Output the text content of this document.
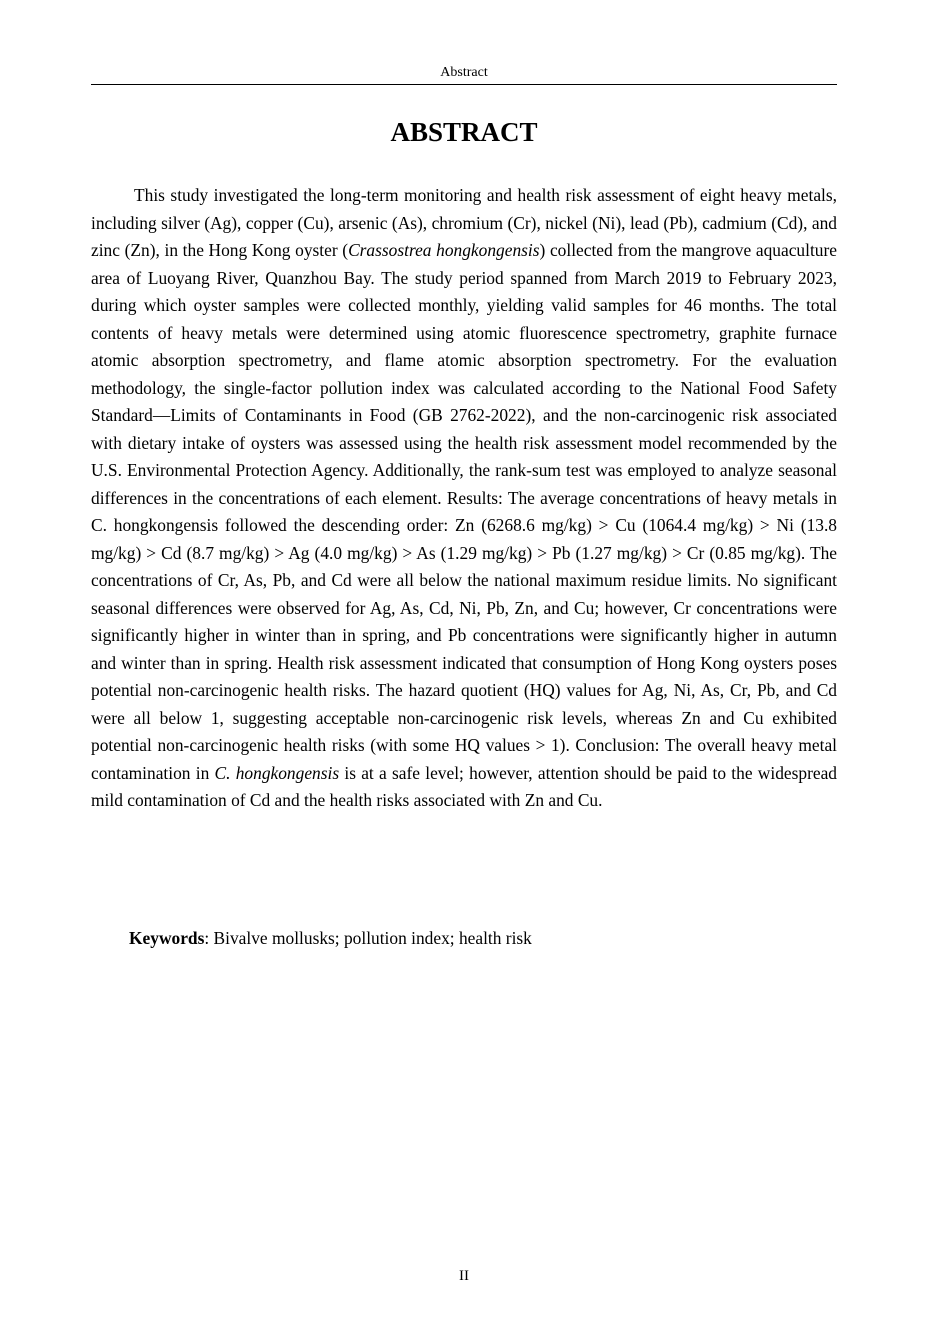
Abstract
ABSTRACT

This study investigated the long-term monitoring and health risk assessment of eight heavy metals, including silver (Ag), copper (Cu), arsenic (As), chromium (Cr), nickel (Ni), lead (Pb), cadmium (Cd), and zinc (Zn), in the Hong Kong oyster (Crassostrea hongkongensis) collected from the mangrove aquaculture area of Luoyang River, Quanzhou Bay. The study period spanned from March 2019 to February 2023, during which oyster samples were collected monthly, yielding valid samples for 46 months. The total contents of heavy metals were determined using atomic fluorescence spectrometry, graphite furnace atomic absorption spectrometry, and flame atomic absorption spectrometry. For the evaluation methodology, the single-factor pollution index was calculated according to the National Food Safety Standard—Limits of Contaminants in Food (GB 2762-2022), and the non-carcinogenic risk associated with dietary intake of oysters was assessed using the health risk assessment model recommended by the U.S. Environmental Protection Agency. Additionally, the rank-sum test was employed to analyze seasonal differences in the concentrations of each element. Results: The average concentrations of heavy metals in C. hongkongensis followed the descending order: Zn (6268.6 mg/kg) > Cu (1064.4 mg/kg) > Ni (13.8 mg/kg) > Cd (8.7 mg/kg) > Ag (4.0 mg/kg) > As (1.29 mg/kg) > Pb (1.27 mg/kg) > Cr (0.85 mg/kg). The concentrations of Cr, As, Pb, and Cd were all below the national maximum residue limits. No significant seasonal differences were observed for Ag, As, Cd, Ni, Pb, Zn, and Cu; however, Cr concentrations were significantly higher in winter than in spring, and Pb concentrations were significantly higher in autumn and winter than in spring. Health risk assessment indicated that consumption of Hong Kong oysters poses potential non-carcinogenic health risks. The hazard quotient (HQ) values for Ag, Ni, As, Cr, Pb, and Cd were all below 1, suggesting acceptable non-carcinogenic risk levels, whereas Zn and Cu exhibited potential non-carcinogenic health risks (with some HQ values > 1). Conclusion: The overall heavy metal contamination in C. hongkongensis is at a safe level; however, attention should be paid to the widespread mild contamination of Cd and the health risks associated with Zn and Cu.

Keywords: Bivalve mollusks; pollution index; health risk

II
